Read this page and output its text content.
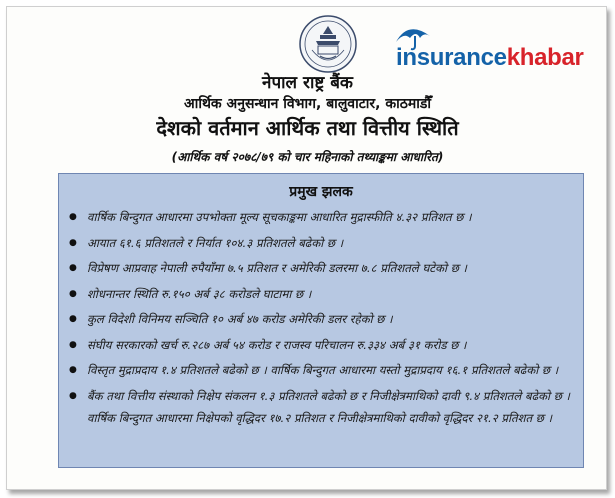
insurancekhabar
नेपाल राष्ट्र बैंक
आर्थिक अनुसन्धान विभाग, बालुवाटार, काठमाडौँ
देशको वर्तमान आर्थिक तथा वित्तीय स्थिति
(आर्थिक वर्ष २०७८/७९ को चार महिनाको तथ्याङ्कमा आधारित)
प्रमुख झलक
● वार्षिक बिन्दुगत आधारमा उपभोक्ता मूल्य सूचकाङ्कमा आधारित मुद्रास्फीति ४.३२ प्रतिशत छ ।
● आयात ६१.६ प्रतिशतले र निर्यात १०४.३ प्रतिशतले बढेको छ ।
● विप्रेषण आप्रवाह नेपाली रुपैयाँमा ७.५ प्रतिशत र अमेरिकी डलरमा ७.८ प्रतिशतले घटेको छ ।
● शोधनान्तर स्थिति रु.१५० अर्ब ३८ करोडले घाटामा छ ।
● कुल विदेशी विनिमय सञ्चिति १० अर्ब ४७ करोड अमेरिकी डलर रहेको छ ।
● संघीय सरकारको खर्च रु.२८७ अर्ब ५४ करोड र राजस्व परिचालन रु.३३४ अर्ब ३१ करोड छ ।
● विस्तृत मुद्राप्रदाय १.४ प्रतिशतले बढेको छ । वार्षिक बिन्दुगत आधारमा यस्तो मुद्राप्रदाय १६.१ प्रतिशतले बढेको छ ।
● बैंक तथा वित्तीय संस्थाको निक्षेप संकलन १.३ प्रतिशतले बढेको छ र निजीक्षेत्रमाथिको दावी ९.४ प्रतिशतले बढेको छ । वार्षिक बिन्दुगत आधारमा निक्षेपको वृद्धिदर १७.२ प्रतिशत र निजीक्षेत्रमाथिको दावीको वृद्धिदर २१.२ प्रतिशत छ ।
